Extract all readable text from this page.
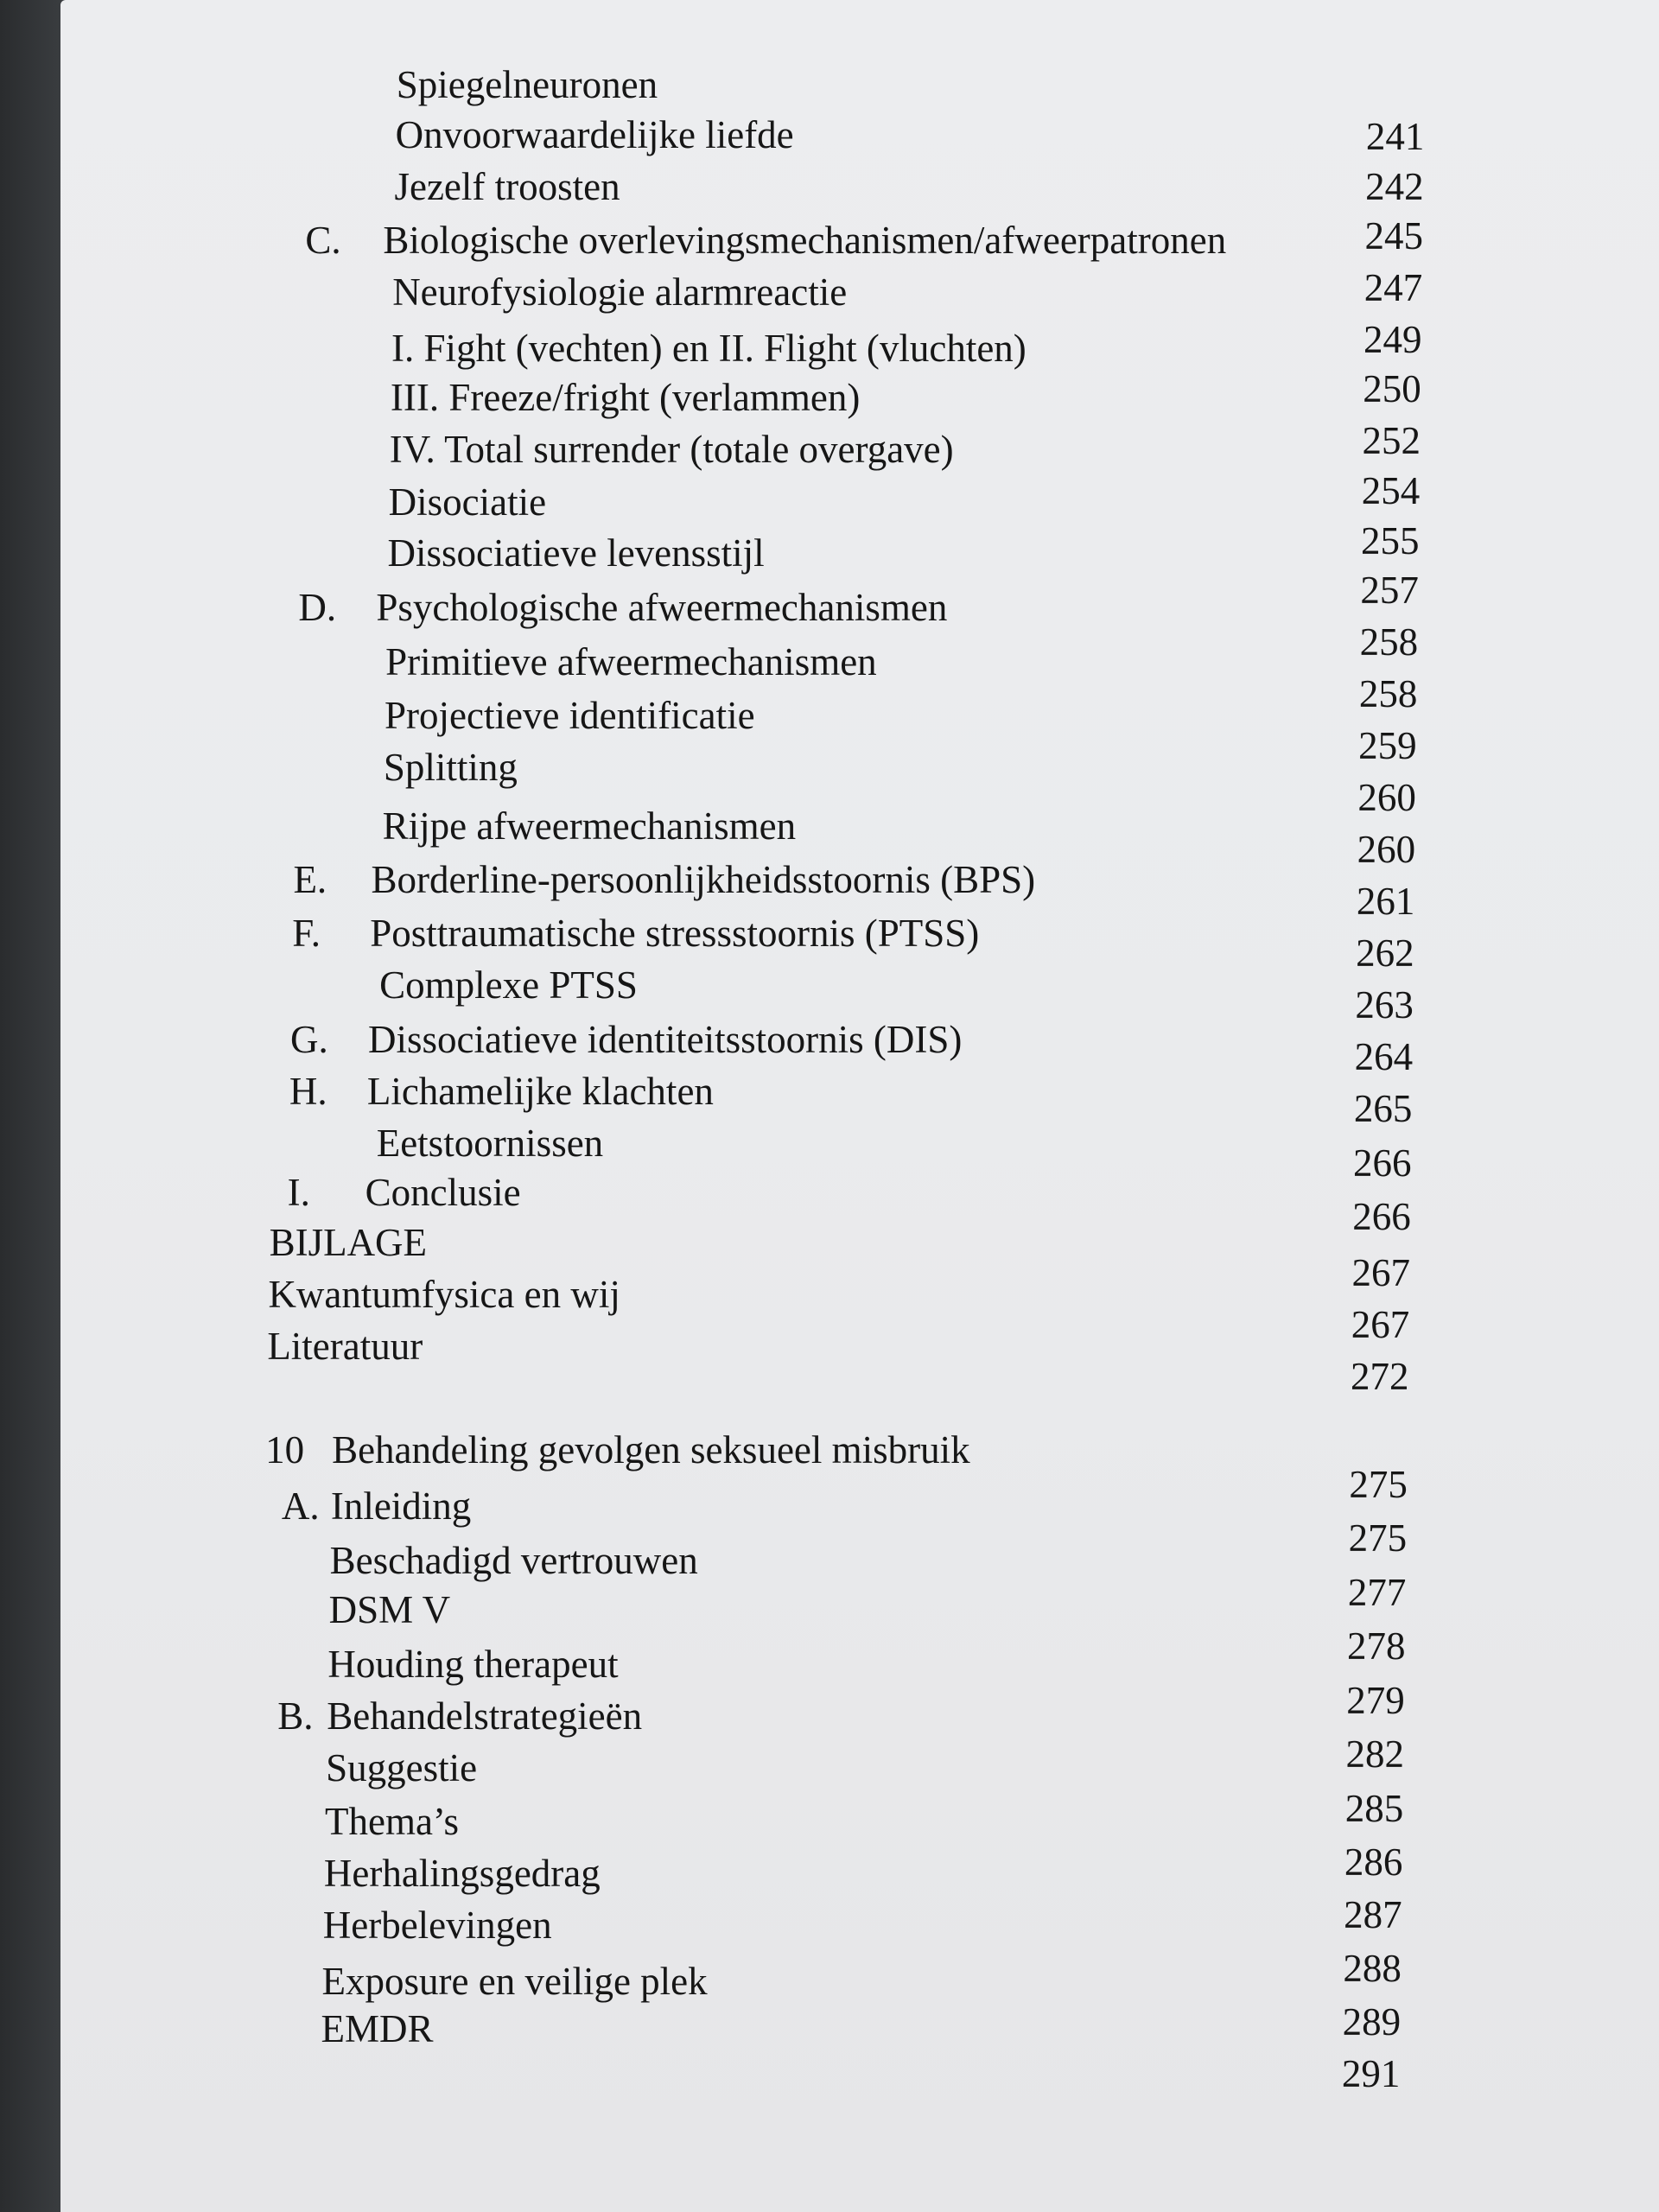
Spiegelneuronen
Onvoorwaardelijke liefde
Jezelf troosten
C. Biologische overlevingsmechanismen/afweerpatronen
Neurofysiologie alarmreactie
I. Fight (vechten) en II. Flight (vluchten)
III. Freeze/fright (verlammen)
IV. Total surrender (totale overgave)
Disociatie
Dissociatieve levensstijl
D. Psychologische afweermechanismen
Primitieve afweermechanismen
Projectieve identificatie
Splitting
Rijpe afweermechanismen
E. Borderline-persoonlijkheidsstoornis (BPS)
F. Posttraumatische stressstoornis (PTSS)
Complexe PTSS
G. Dissociatieve identiteitsstoornis (DIS)
H. Lichamelijke klachten
Eetstoornissen
I. Conclusie
BIJLAGE
Kwantumfysica en wij
Literatuur
10 Behandeling gevolgen seksueel misbruik
A. Inleiding
Beschadigd vertrouwen
DSM V
Houding therapeut
B. Behandelstrategieën
Suggestie
Thema’s
Herhalingsgedrag
Herbelevingen
Exposure en veilige plek
EMDR
241
242
245
247
249
250
252
254
255
257
258
258
259
260
260
261
262
263
264
265
266
266
267
267
272
275
275
277
278
279
282
285
286
287
288
289
291
